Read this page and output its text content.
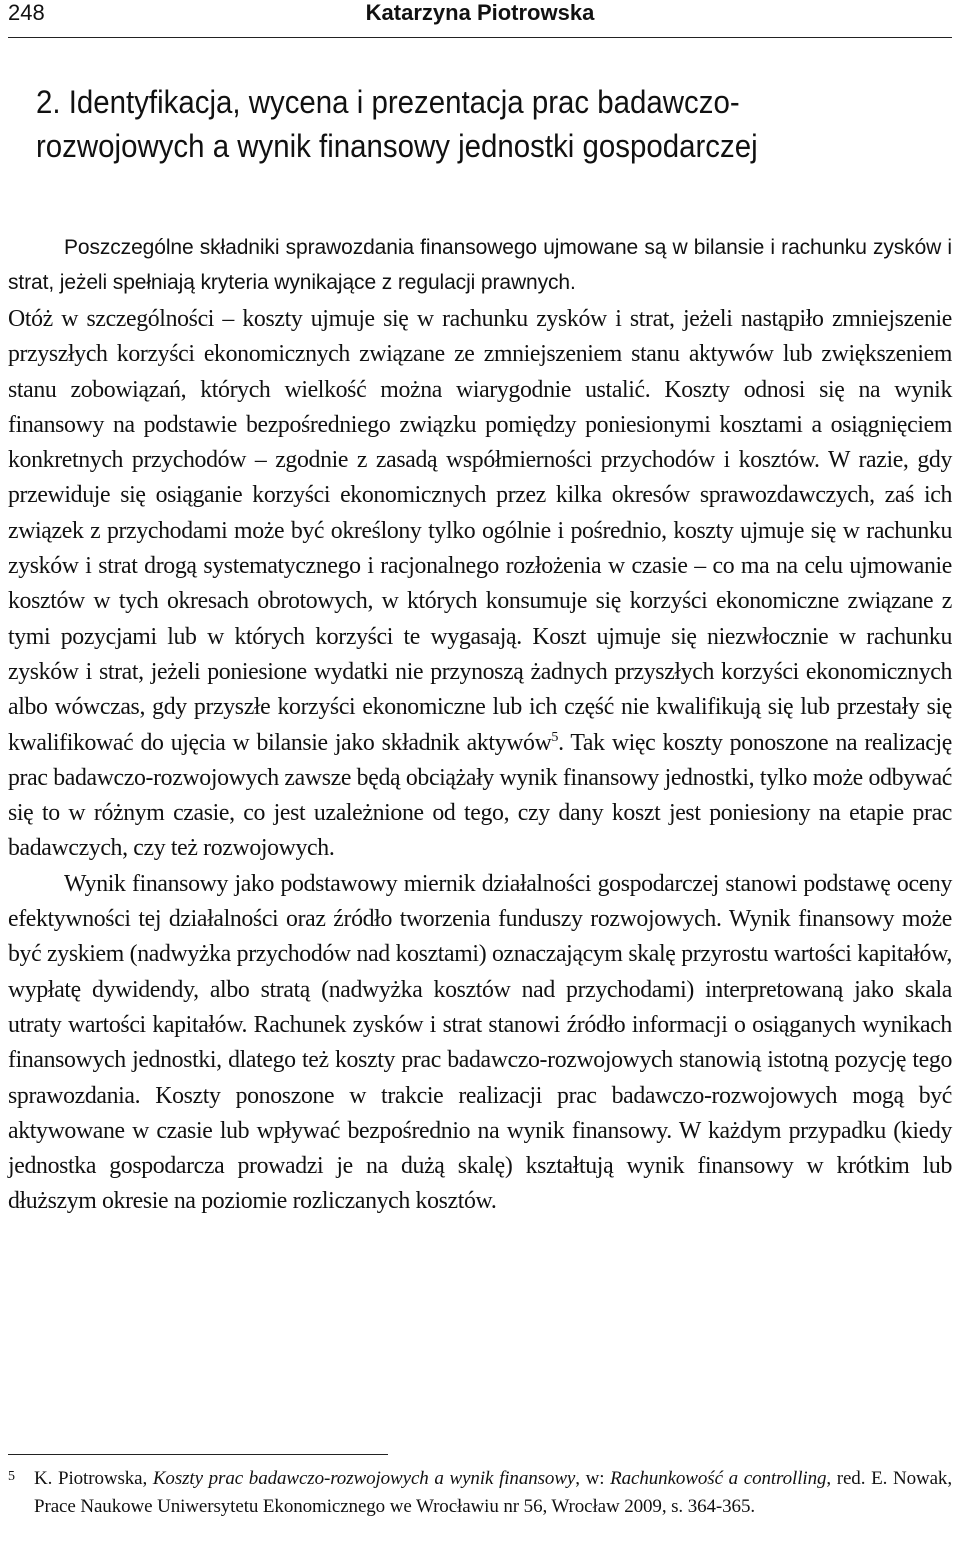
248	Katarzyna Piotrowska
2. Identyfikacja, wycena i prezentacja prac badawczo-rozwojowych a wynik finansowy jednostki gospodarczej

Poszczególne składniki sprawozdania finansowego ujmowane są w bilansie i rachunku zysków i strat, jeżeli spełniają kryteria wynikające z regulacji prawnych.

Otóż w szczególności – koszty ujmuje się w rachunku zysków i strat, jeżeli nastąpiło zmniejszenie przyszłych korzyści ekonomicznych związane ze zmniejszeniem stanu aktywów lub zwiększeniem stanu zobowiązań, których wielkość można wiarygodnie ustalić. Koszty odnosi się na wynik finansowy na podstawie bezpośredniego związku pomiędzy poniesionymi kosztami a osiągnięciem konkretnych przychodów – zgodnie z zasadą współmierności przychodów i kosztów. W razie, gdy przewiduje się osiąganie korzyści ekonomicznych przez kilka okresów sprawozdawczych, zaś ich związek z przychodami może być określony tylko ogólnie i pośrednio, koszty ujmuje się w rachunku zysków i strat drogą systematycznego i racjonalnego rozłożenia w czasie – co ma na celu ujmowanie kosztów w tych okresach obrotowych, w których konsumuje się korzyści ekonomiczne związane z tymi pozycjami lub w których korzyści te wygasają. Koszt ujmuje się niezwłocznie w rachunku zysków i strat, jeżeli poniesione wydatki nie przynoszą żadnych przyszłych korzyści ekonomicznych albo wówczas, gdy przyszłe korzyści ekonomiczne lub ich część nie kwalifikują się lub przestały się kwalifikować do ujęcia w bilansie jako składnik aktywów$^5$. Tak więc koszty ponoszone na realizację prac badawczo-rozwojowych zawsze będą obciążały wynik finansowy jednostki, tylko może odbywać się to w różnym czasie, co jest uzależnione od tego, czy dany koszt jest poniesiony na etapie prac badawczych, czy też rozwojowych.

Wynik finansowy jako podstawowy miernik działalności gospodarczej stanowi podstawę oceny efektywności tej działalności oraz źródło tworzenia funduszy rozwojowych. Wynik finansowy może być zyskiem (nadwyżka przychodów nad kosztami) oznaczającym skalę przyrostu wartości kapitałów, wypłatę dywidendy, albo stratą (nadwyżka kosztów nad przychodami) interpretowaną jako skala utraty wartości kapitałów. Rachunek zysków i strat stanowi źródło informacji o osiąganych wynikach finansowych jednostki, dlatego też koszty prac badawczo-rozwojowych stanowią istotną pozycję tego sprawozdania. Koszty ponoszone w trakcie realizacji prac badawczo-rozwojowych mogą być aktywowane w czasie lub wpływać bezpośrednio na wynik finansowy. W każdym przypadku (kiedy jednostka gospodarcza prowadzi je na dużą skalę) kształtują wynik finansowy w krótkim lub dłuższym okresie na poziomie rozliczanych kosztów.

5 K. Piotrowska, Koszty prac badawczo-rozwojowych a wynik finansowy, w: Rachunkowość a controlling, red. E. Nowak, Prace Naukowe Uniwersytetu Ekonomicznego we Wrocławiu nr 56, Wrocław 2009, s. 364-365.
